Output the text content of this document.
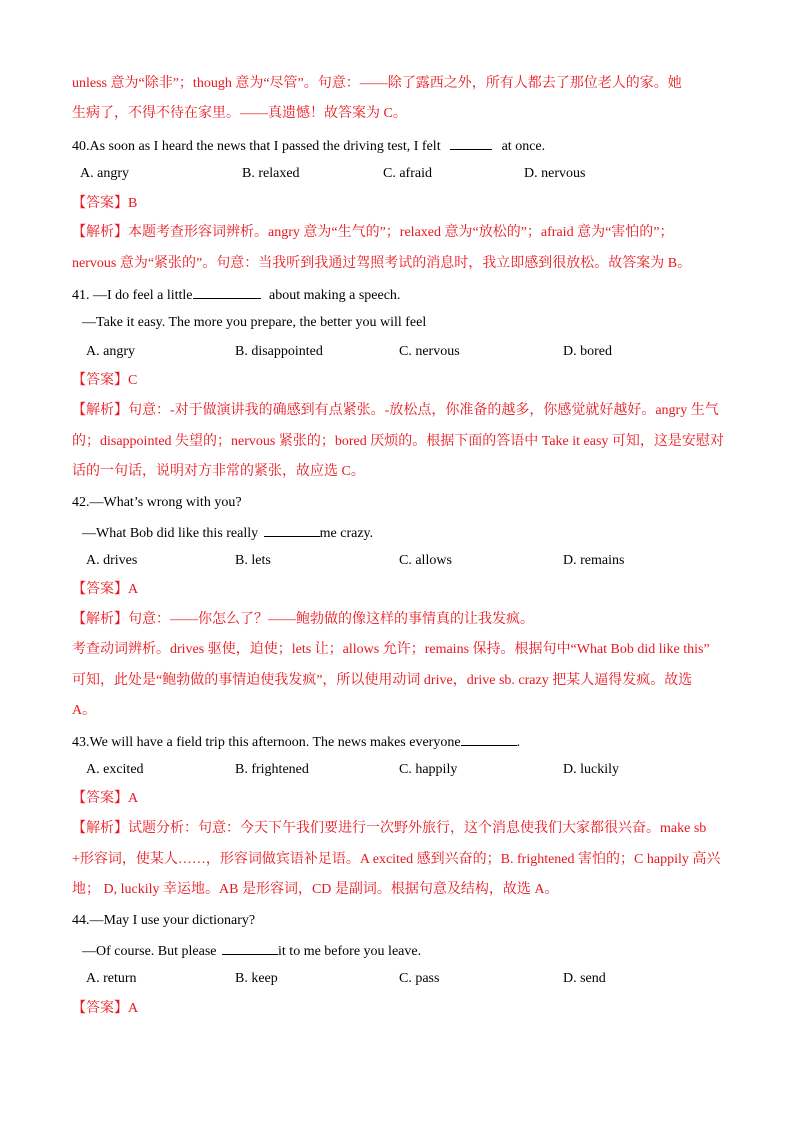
unless 意为“除非”；though 意为“尽管”。句意：——除了露西之外，所有人都去了那位老人的家。她
生病了，不得不待在家里。——真遗憾！故答案为 C。
40.As soon as I heard the news that I passed the driving test, I felt	at once.
A. angry	B. relaxed	C. afraid	D. nervous
【答案】B
【解析】本题考查形容词辨析。angry 意为“生气的”；relaxed 意为“放松的”；afraid 意为“害怕的”；
nervous 意为“紧张的”。句意：当我听到我通过驾照考试的消息时，我立即感到很放松。故答案为 B。
41. —I do feel a little	about making a speech.
—Take it easy. The more you prepare, the better you will feel
A. angry	B. disappointed	C. nervous	D. bored
【答案】C
【解析】句意：-对于做演讲我的确感到有点紧张。-放松点，你准备的越多，你感觉就好越好。angry 生气
的；disappointed 失望的；nervous 紧张的；bored 厌烦的。根据下面的答语中 Take it easy 可知，这是安慰对
话的一句话，说明对方非常的紧张，故应选 C。
42.—What’s wrong with you?
—What Bob did like this really	me crazy.
A. drives	B. lets	C. allows	D. remains
【答案】A
【解析】句意：——你怎么了？——鲍勃做的像这样的事情真的让我发疯。
考查动词辨析。drives 驱使，迫使；lets 让；allows 允许；remains 保持。根据句中“What Bob did like this”
可知，此处是“鲍勃做的事情迫使我发疯”，所以使用动词 drive，drive sb. crazy 把某人逼得发疯。故选
A。
43.We will have a field trip this afternoon. The news makes everyone	.
A. excited	B. frightened	C. happily	D. luckily
【答案】A
【解析】试题分析：句意：今天下午我们要进行一次野外旅行，这个消息使我们大家都很兴奋。make sb
+形容词，使某人……，形容词做宾语补足语。A excited 感到兴奋的；B. frightened 害怕的；C happily 高兴
地； D, luckily 幸运地。AB 是形容词，CD 是副词。根据句意及结构，故选 A。
44.—May I use your dictionary?
—Of course. But please	it to me before you leave.
A. return	B. keep	C. pass	D. send
【答案】A
